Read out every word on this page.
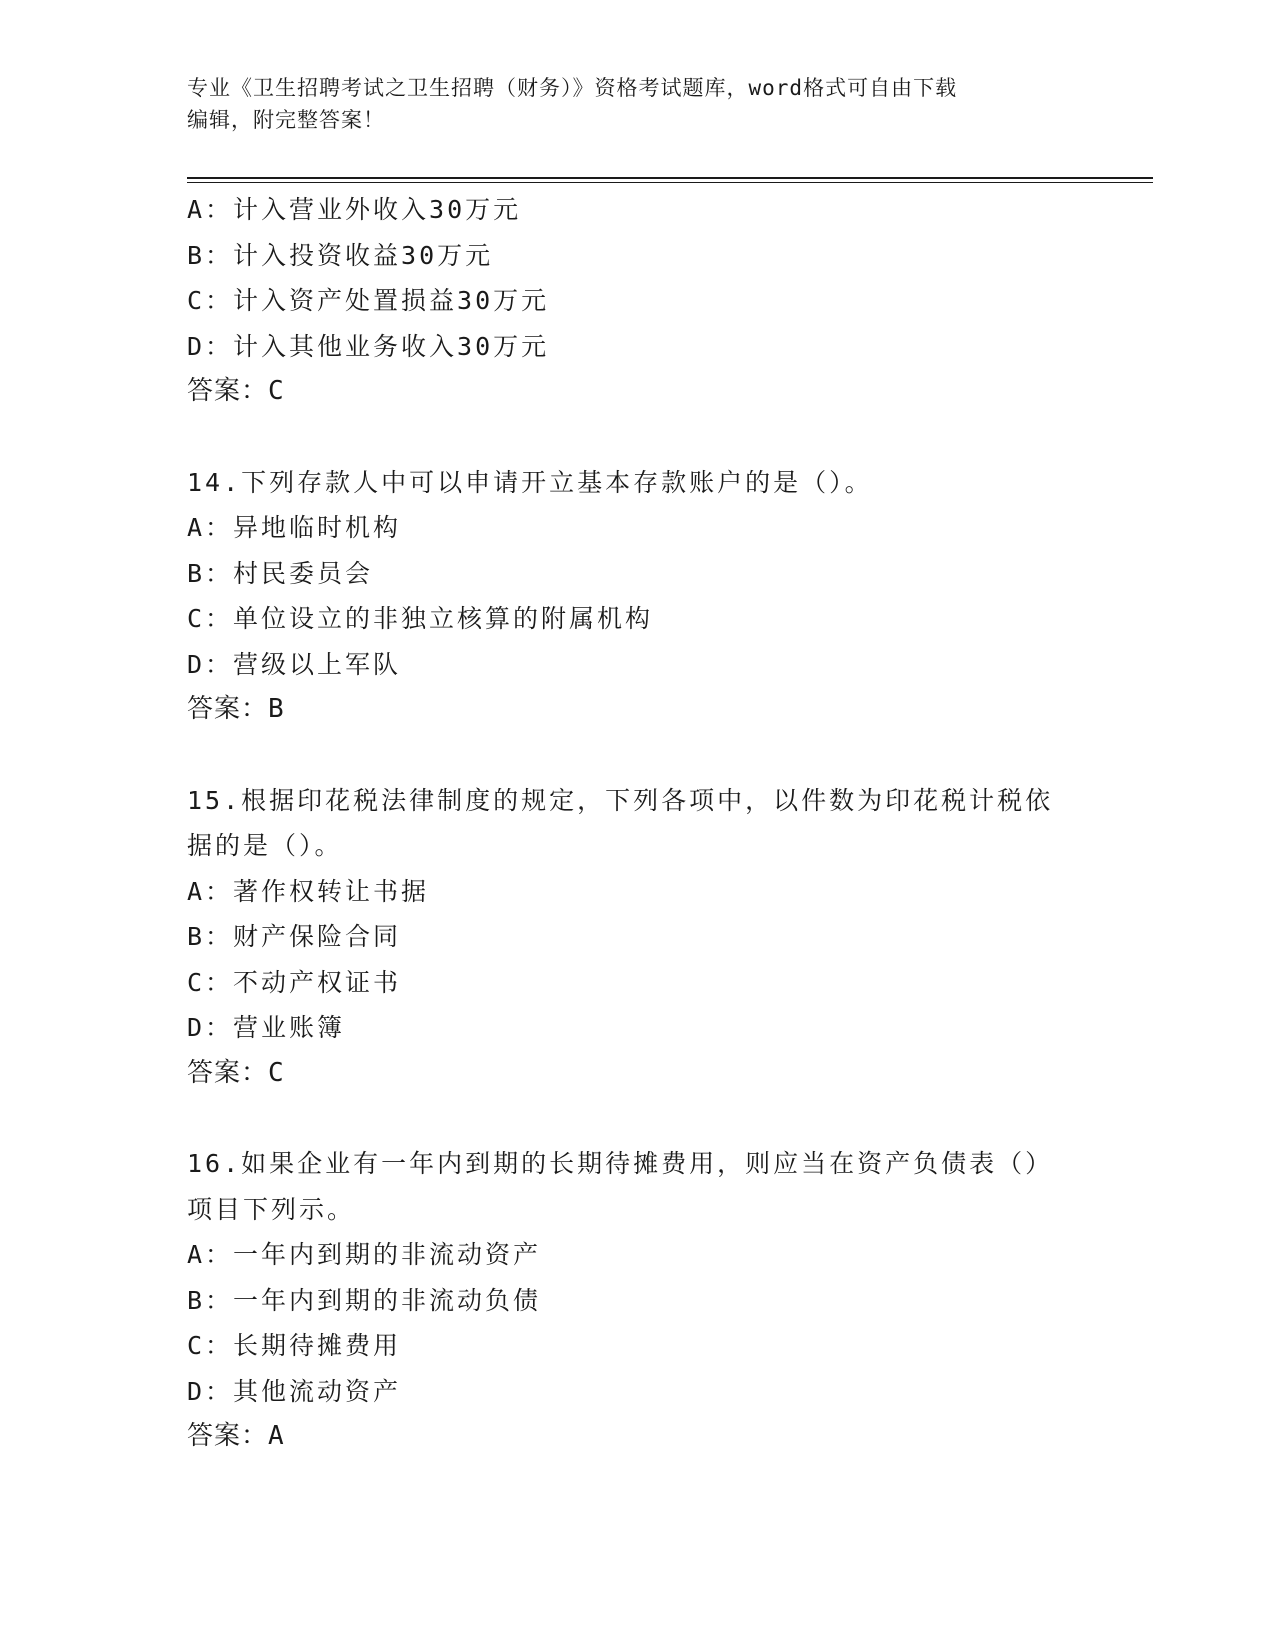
专业《卫生招聘考试之卫生招聘（财务）》资格考试题库，word格式可自由下载
编辑，附完整答案！
A：计入营业外收入30万元
B：计入投资收益30万元
C：计入资产处置损益30万元
D：计入其他业务收入30万元
答案：C
14.下列存款人中可以申请开立基本存款账户的是（）。
A：异地临时机构
B：村民委员会
C：单位设立的非独立核算的附属机构
D：营级以上军队
答案：B
15.根据印花税法律制度的规定，下列各项中，以件数为印花税计税依
据的是（）。
A：著作权转让书据
B：财产保险合同
C：不动产权证书
D：营业账簿
答案：C
16.如果企业有一年内到期的长期待摊费用，则应当在资产负债表（）
项目下列示。
A：一年内到期的非流动资产
B：一年内到期的非流动负债
C：长期待摊费用
D：其他流动资产
答案：A
